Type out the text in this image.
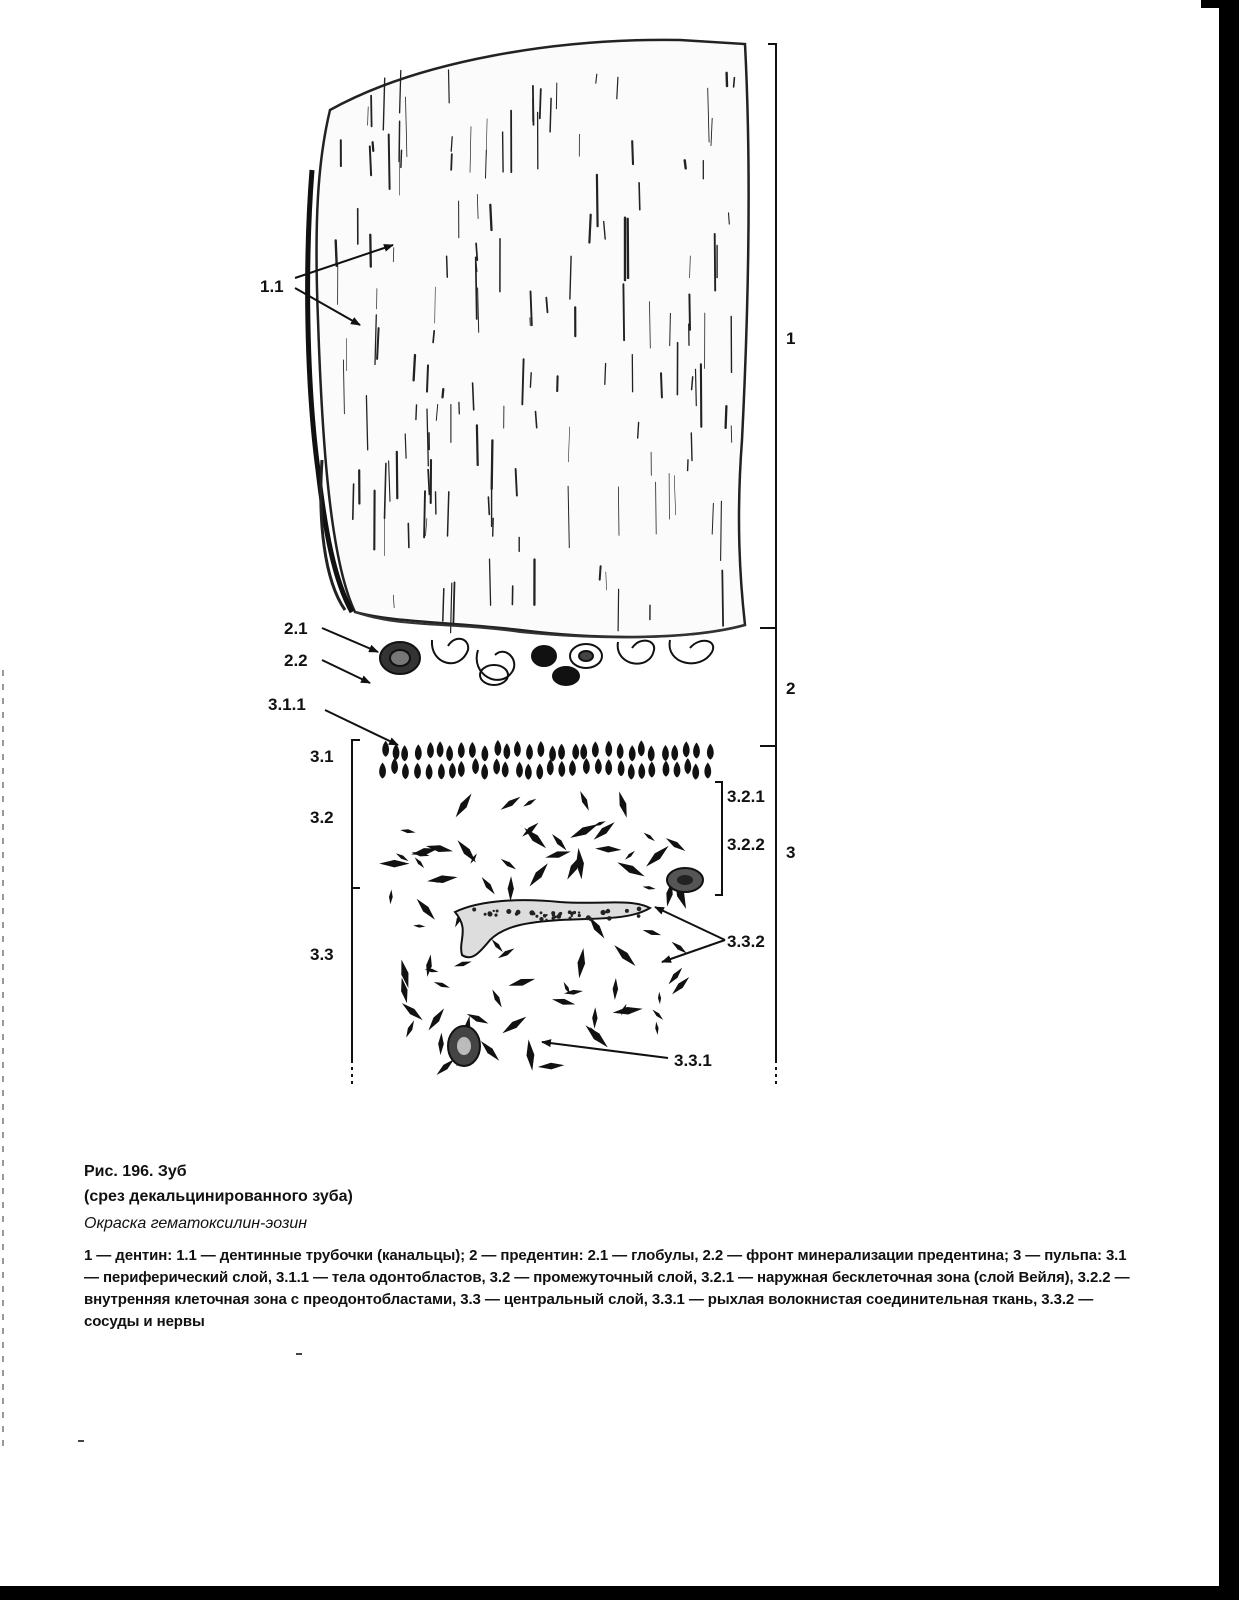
1.1
1
2.1
2.2
2
3.1.1
3.1
3.2.1
3.2
3.2.2 3
3.3.2
3.3
3.3.1
Рис. 196. Зуб
(срез декальцинированного зуба)
Окраска гематоксилин-эозин
1 — дентин: 1.1 — дентинные трубочки (канальцы); 2 — предентин: 2.1 — глобулы, 2.2 — фронт минерализации предентина; 3 — пульпа: 3.1 — периферический слой, 3.1.1 — тела одонтобластов, 3.2 — промежуточный слой, 3.2.1 — наружная бесклеточная зона (слой Вейля), 3.2.2 — внутренняя клеточная зона с преодонтобластами, 3.3 — центральный слой, 3.3.1 — рыхлая волокнистая соединительная ткань, 3.3.2 — сосуды и нервы
